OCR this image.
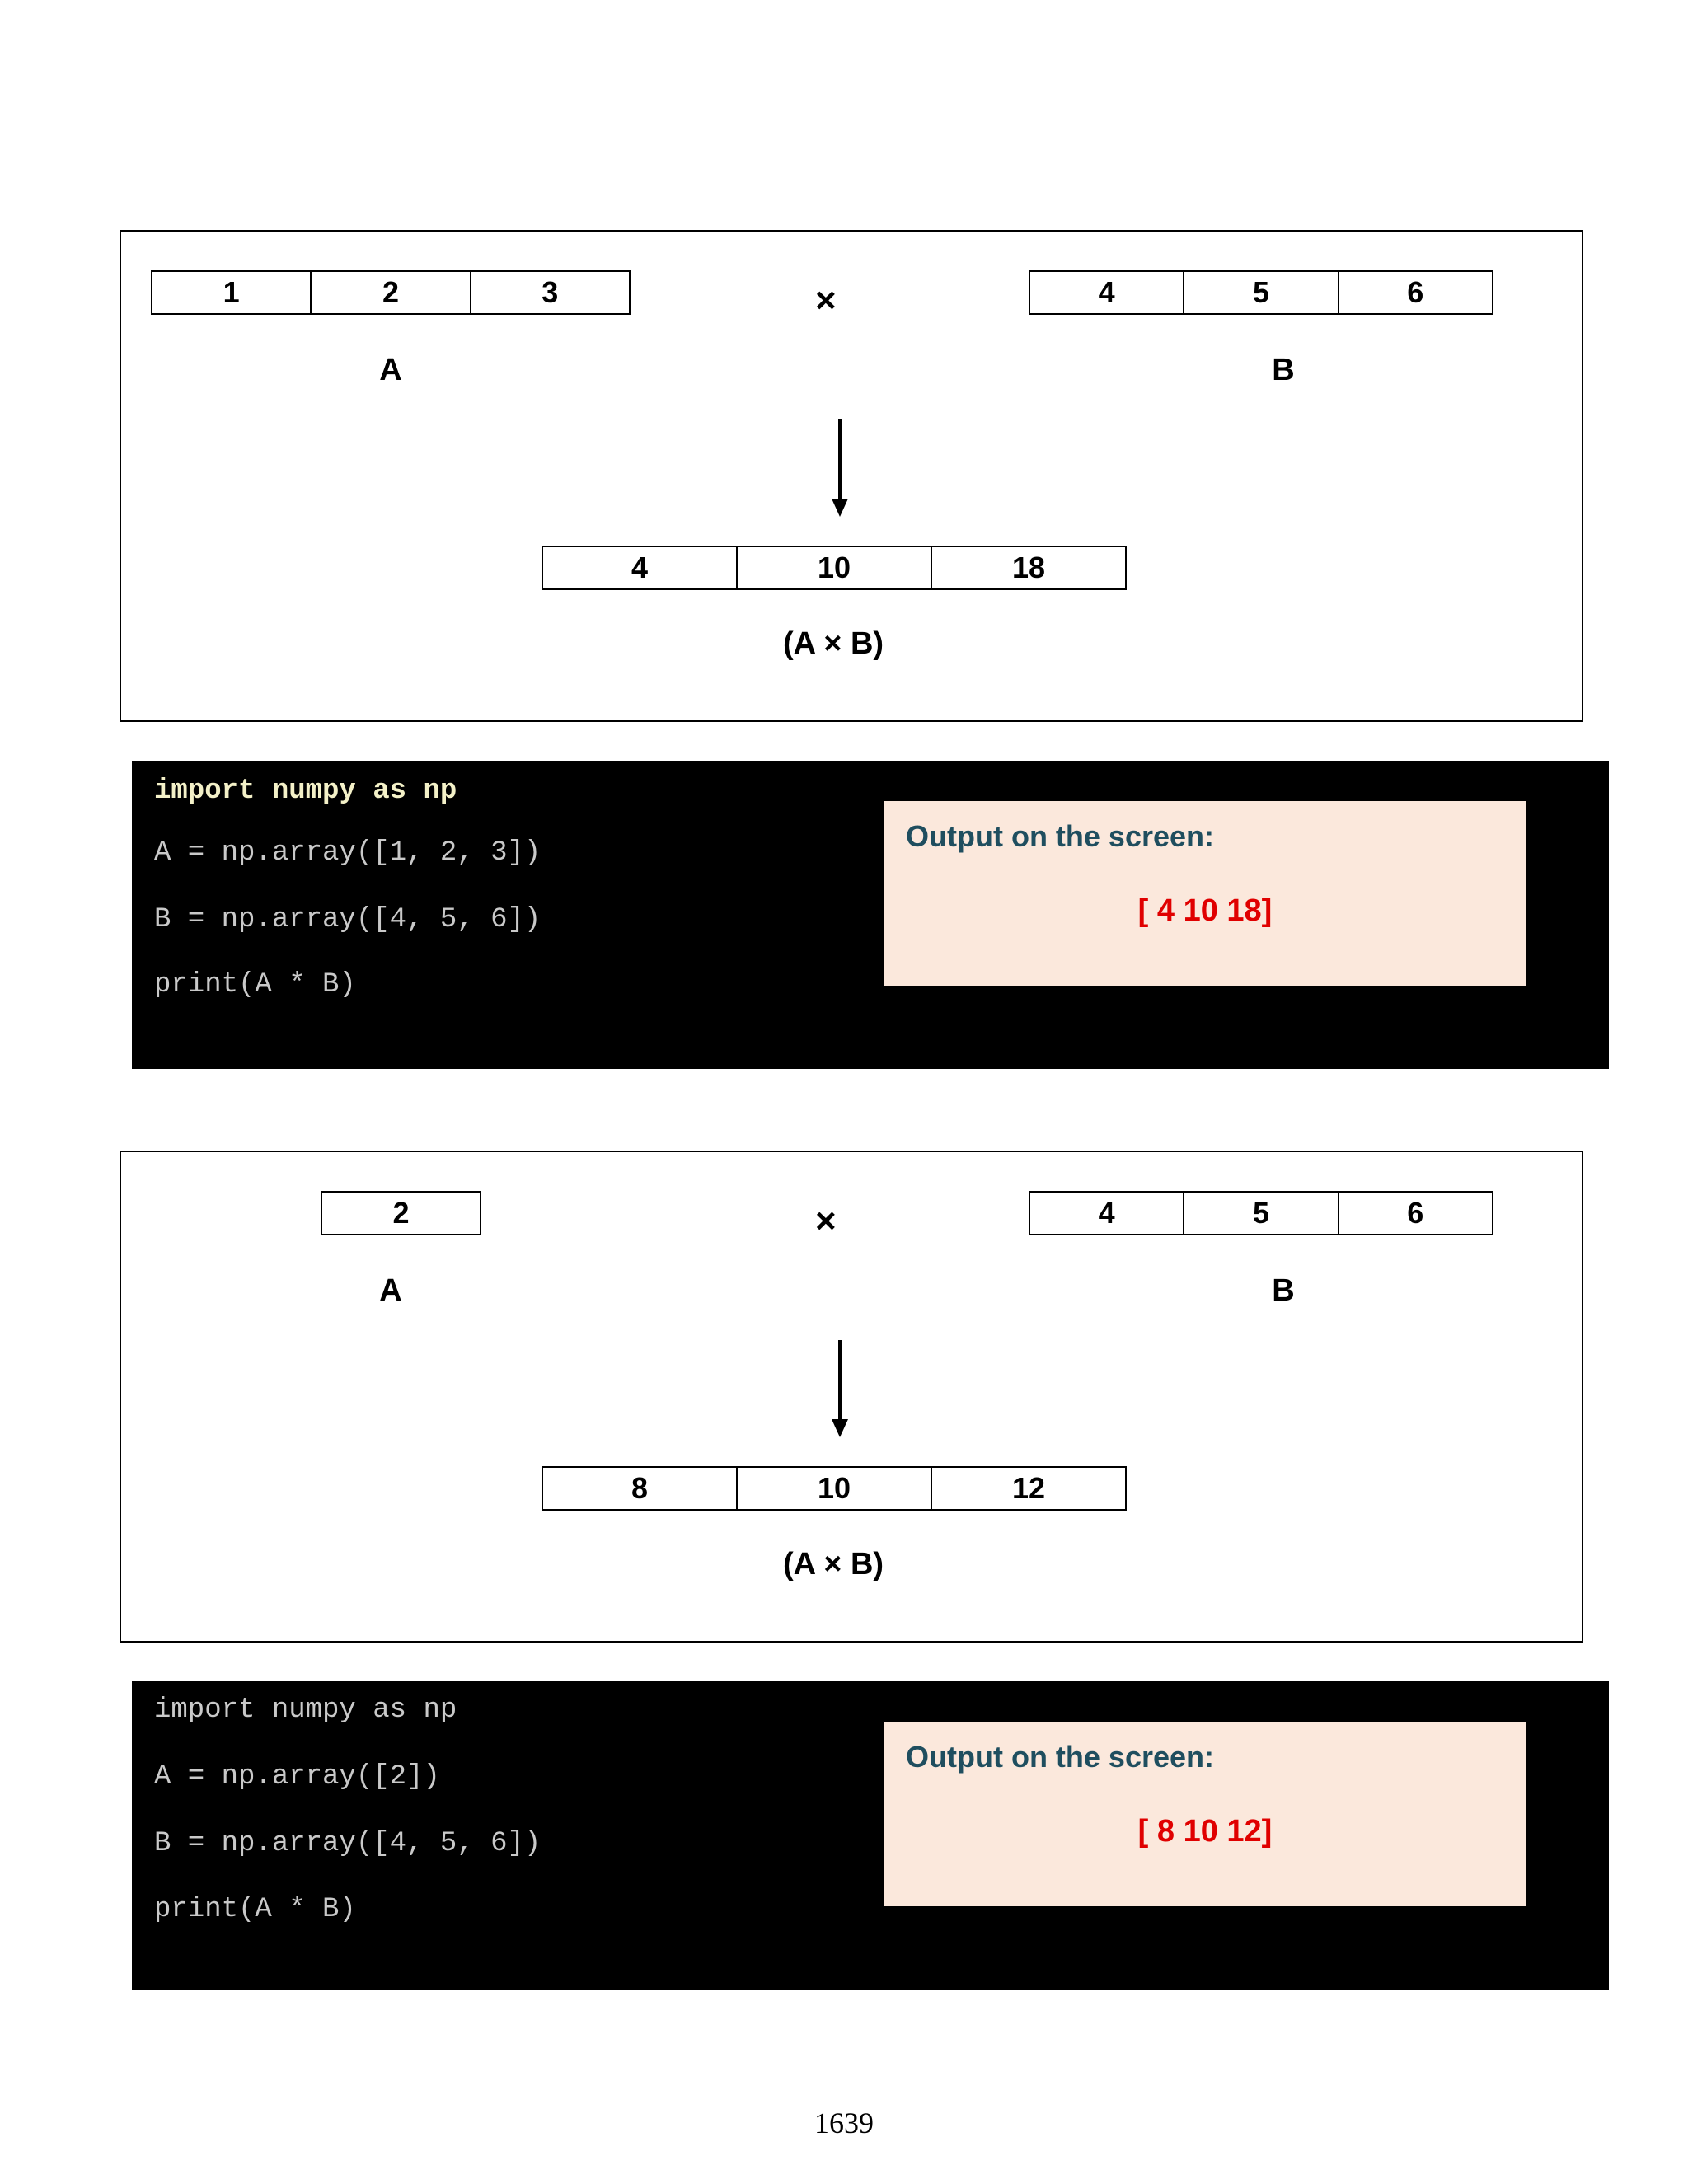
1	2	3
A
×	4	5	6
B
4	10	18
(A × B)
import numpy as np
A = np.array([1, 2, 3])
B = np.array([4, 5, 6])
print(A * B)
Output on the screen:
[ 4 10 18]
2
A
×	4	5	6
B
8	10	12
(A × B)
import numpy as np
A = np.array([2])
B = np.array([4, 5, 6])
print(A * B)
Output on the screen:
[ 8 10 12]
1639
